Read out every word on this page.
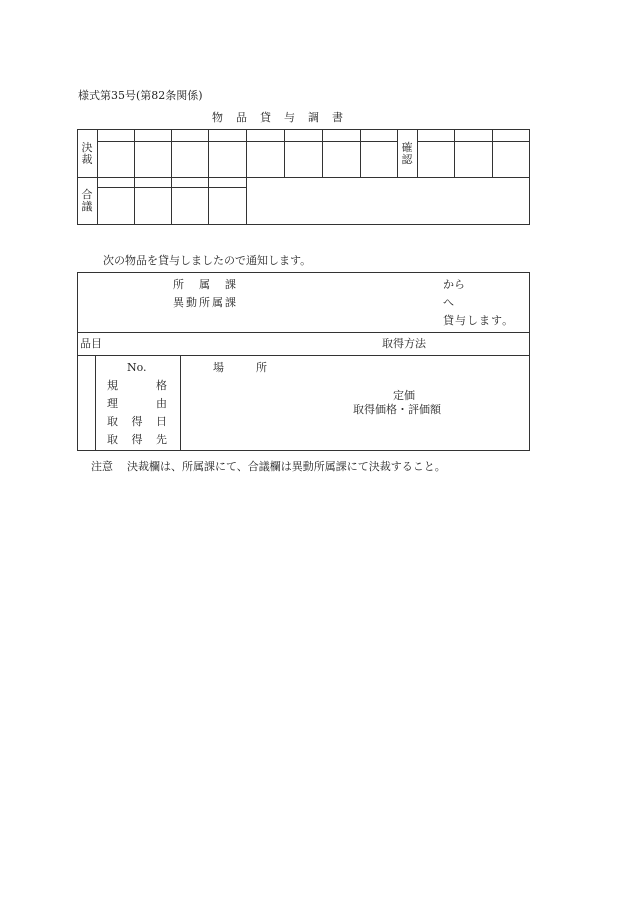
様式第35号(第82条関係)
物　品　貸　与　調　書
決
裁
確
認
合
議
次の物品を貸与しましたので通知します。
所　属　課
異動所属課
から
へ
貸与します。
品目	取得方法
No.
規	格
理	由
取 得 日
取 得 先
場	所
定価
取得価格・評価額
注意 決裁欄は、所属課にて、合議欄は異動所属課にて決裁すること。
